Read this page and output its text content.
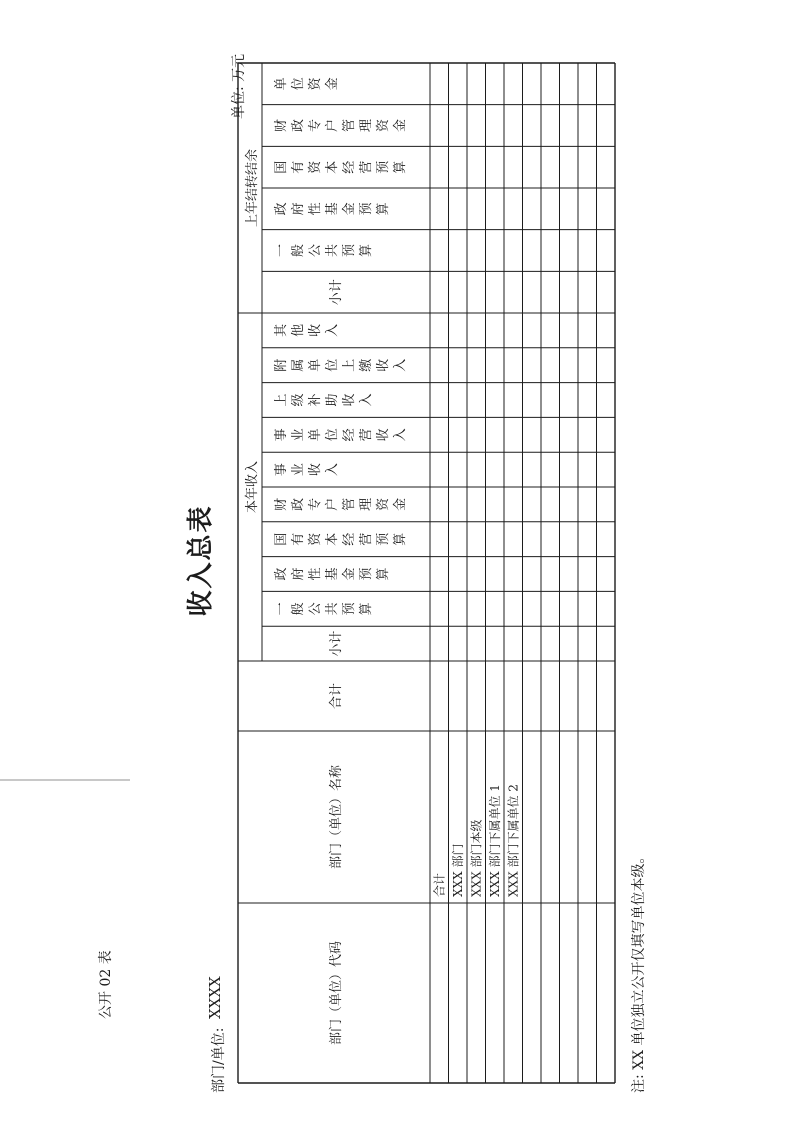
公开 02 表
收入总表
部门/单位:
XXXX
单位: 万元
部门（单位）代码
部门（单位）名称
合计
本年收入
上年结转结余
小计
一 般 公 共 预 算
政 府 性 基 金 预 算
国 有 资 本 经 营 预 算
财 政 专 户 管 理 资 金
事 业 收 入
事 业 单 位 经 营 收 入
上 级 补 助 收 入
附 属 单 位 上 缴 收 入
其 他 收 入
小计
一 般 公 共 预 算
政 府 性 基 金 预 算
国 有 资 本 经 营 预 算
财 政 专 户 管 理 资 金
单 位 资 金
合计 XXX 部门 XXX 部门本级 XXX 部门下属单位 1 XXX 部门下属单位 2
注: XX 单位独立公开仅填写单位本级。
